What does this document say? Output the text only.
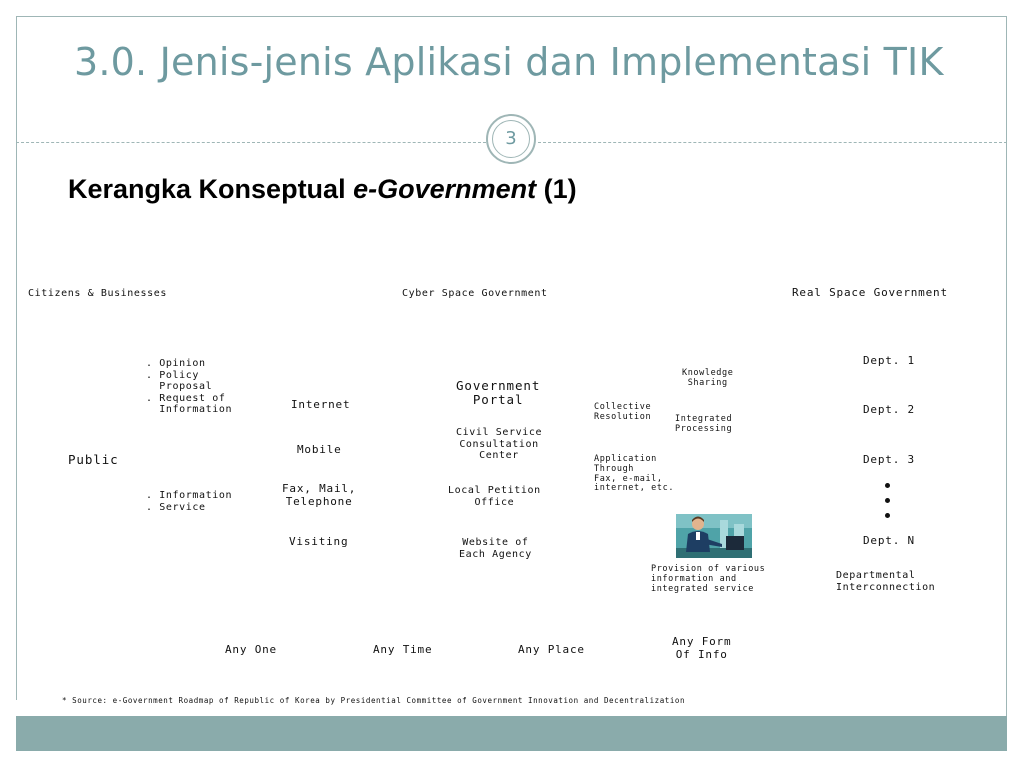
3.0. Jenis-jenis Aplikasi dan Implementasi TIK
3
Kerangka Konseptual e-Government (1)
Citizens & Businesses	Cyber Space Government	Real Space Government
. Opinion
. Policy
Proposal
. Request of
Information
Public
. Information
. Service
Internet
Mobile
Fax, Mail,
Telephone
Visiting
Government
Portal
Civil Service
Consultation
Center
Local Petition
Office
Website of
Each Agency
Knowledge
Sharing
Collective
Resolution	Integrated
Processing
Application
Through
Fax, e-mail,
internet, etc.
Provision of various
information and
integrated service
Dept. 1
Dept. 2
Dept. 3
Dept. N
Departmental
Interconnection
Any One	Any Time	Any Place
Any Form
Of Info
* Source: e-Government Roadmap of Republic of Korea by Presidential Committee of Government Innovation and Decentralization
